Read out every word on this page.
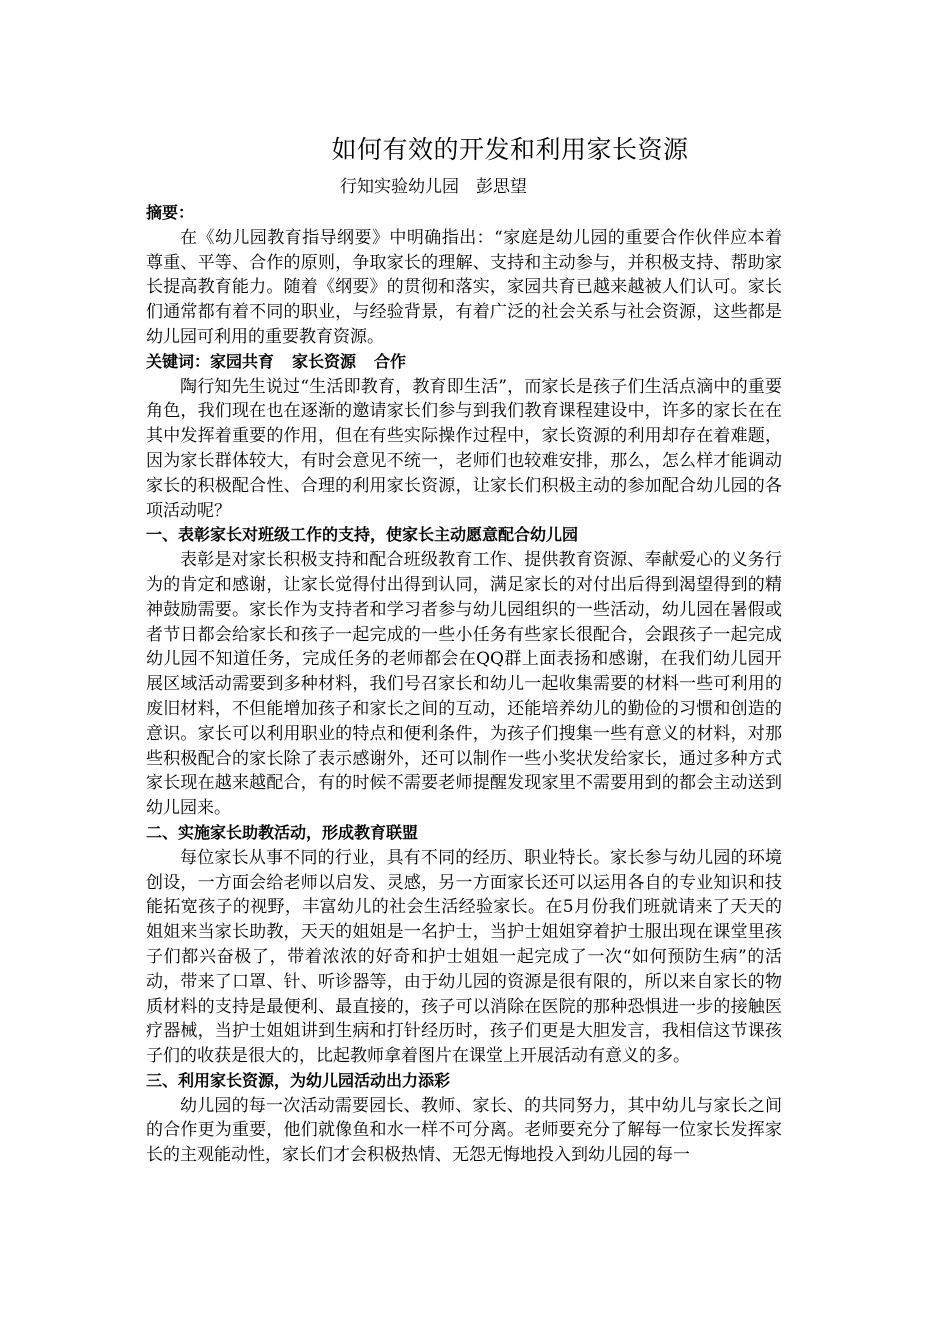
如何有效的开发和利用家长资源
行知实验幼儿园　彭思望

摘要：

在《幼儿园教育指导纲要》中明确指出：“家庭是幼儿园的重要合作伙伴应本着尊重、平等、合作的原则，争取家长的理解、支持和主动参与，并积极支持、帮助家长提高教育能力。随着《纲要》的贯彻和落实，家园共育已越来越被人们认可。家长们通常都有着不同的职业，与经验背景，有着广泛的社会关系与社会资源，这些都是幼儿园可利用的重要教育资源。

关键词：家园共育 家长资源 合作

陶行知先生说过“生活即教育，教育即生活”，而家长是孩子们生活点滴中的重要角色，我们现在也在逐渐的邀请家长们参与到我们教育课程建设中，许多的家长在在其中发挥着重要的作用，但在有些实际操作过程中，家长资源的利用却存在着难题，因为家长群体较大，有时会意见不统一，老师们也较难安排，那么，怎么样才能调动家长的积极配合性、合理的利用家长资源，让家长们积极主动的参加配合幼儿园的各项活动呢？

一、表彰家长对班级工作的支持，使家长主动愿意配合幼儿园

表彰是对家长积极支持和配合班级教育工作、提供教育资源、奉献爱心的义务行为的肯定和感谢，让家长觉得付出得到认同，满足家长的对付出后得到渴望得到的精神鼓励需要。家长作为支持者和学习者参与幼儿园组织的一些活动，幼儿园在暑假或者节日都会给家长和孩子一起完成的一些小任务有些家长很配合，会跟孩子一起完成幼儿园不知道任务，完成任务的老师都会在QQ群上面表扬和感谢，在我们幼儿园开展区域活动需要到多种材料，我们号召家长和幼儿一起收集需要的材料一些可利用的废旧材料，不但能增加孩子和家长之间的互动，还能培养幼儿的勤俭的习惯和创造的意识。家长可以利用职业的特点和便利条件，为孩子们搜集一些有意义的材料，对那些积极配合的家长除了表示感谢外，还可以制作一些小奖状发给家长，通过多种方式家长现在越来越配合，有的时候不需要老师提醒发现家里不需要用到的都会主动送到幼儿园来。

二、实施家长助教活动，形成教育联盟

每位家长从事不同的行业，具有不同的经历、职业特长。家长参与幼儿园的环境创设，一方面会给老师以启发、灵感，另一方面家长还可以运用各自的专业知识和技能拓宽孩子的视野，丰富幼儿的社会生活经验家长。在5月份我们班就请来了天天的姐姐来当家长助教，天天的姐姐是一名护士，当护士姐姐穿着护士服出现在课堂里孩子们都兴奋极了，带着浓浓的好奇和护士姐姐一起完成了一次“如何预防生病”的活动，带来了口罩、针、听诊器等，由于幼儿园的资源是很有限的，所以来自家长的物质材料的支持是最便利、最直接的，孩子可以消除在医院的那种恐惧进一步的接触医疗器械，当护士姐姐讲到生病和打针经历时，孩子们更是大胆发言，我相信这节课孩子们的收获是很大的，比起教师拿着图片在课堂上开展活动有意义的多。

三、利用家长资源，为幼儿园活动出力添彩

幼儿园的每一次活动需要园长、教师、家长、的共同努力，其中幼儿与家长之间的合作更为重要，他们就像鱼和水一样不可分离。老师要充分了解每一位家长发挥家长的主观能动性，家长们才会积极热情、无怨无悔地投入到幼儿园的每一
